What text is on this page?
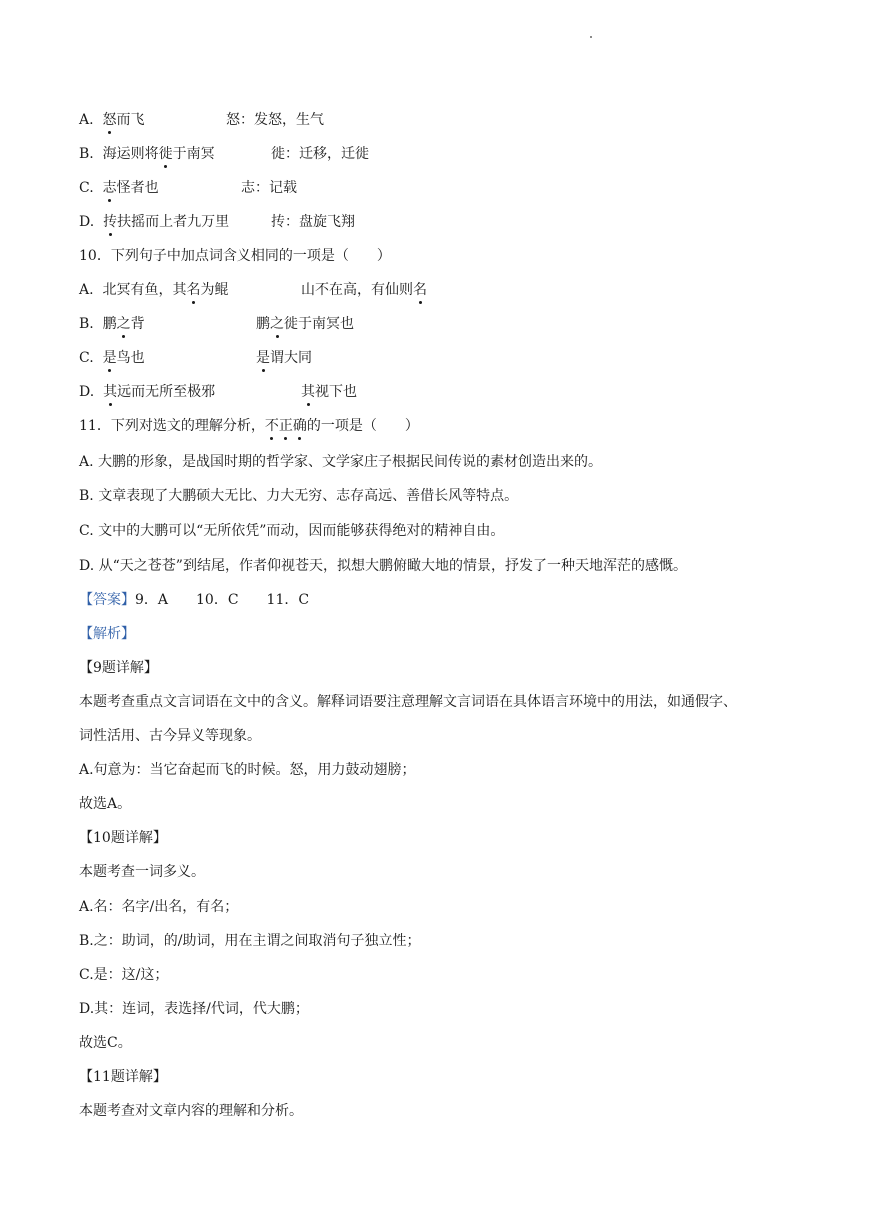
A. 怒而飞	怒：发怒，生气
B. 海运则将徙于南冥	徙：迁移，迁徙
C. 志怪者也	志：记载
D. 抟扶摇而上者九万里	抟：盘旋飞翔
10．下列句子中加点词含义相同的一项是（　　）
A. 北冥有鱼，其名为鲲	山不在高，有仙则名
B. 鹏之背	鹏之徙于南冥也
C. 是鸟也	是谓大同
D. 其远而无所至极邪	其视下也
11．下列对选文的理解分析，不正确的一项是（　　）
A. 大鹏的形象，是战国时期的哲学家、文学家庄子根据民间传说的素材创造出来的。
B. 文章表现了大鹏硕大无比、力大无穷、志存高远、善借长风等特点。
C. 文中的大鹏可以“无所依凭”而动，因而能够获得绝对的精神自由。
D. 从“天之苍苍”到结尾，作者仰视苍天，拟想大鹏俯瞰大地的情景，抒发了一种天地浑茫的感慨。
【答案】9．A　　10．C　　11．C
【解析】
【9题详解】
本题考查重点文言词语在文中的含义。解释词语要注意理解文言词语在具体语言环境中的用法，如通假字、
词性活用、古今异义等现象。
A.句意为：当它奋起而飞的时候。怒，用力鼓动翅膀；
故选A。
【10题详解】
本题考查一词多义。
A.名：名字/出名，有名；
B.之：助词，的/助词，用在主谓之间取消句子独立性；
C.是：这/这；
D.其：连词，表选择/代词，代大鹏；
故选C。
【11题详解】
本题考查对文章内容的理解和分析。
